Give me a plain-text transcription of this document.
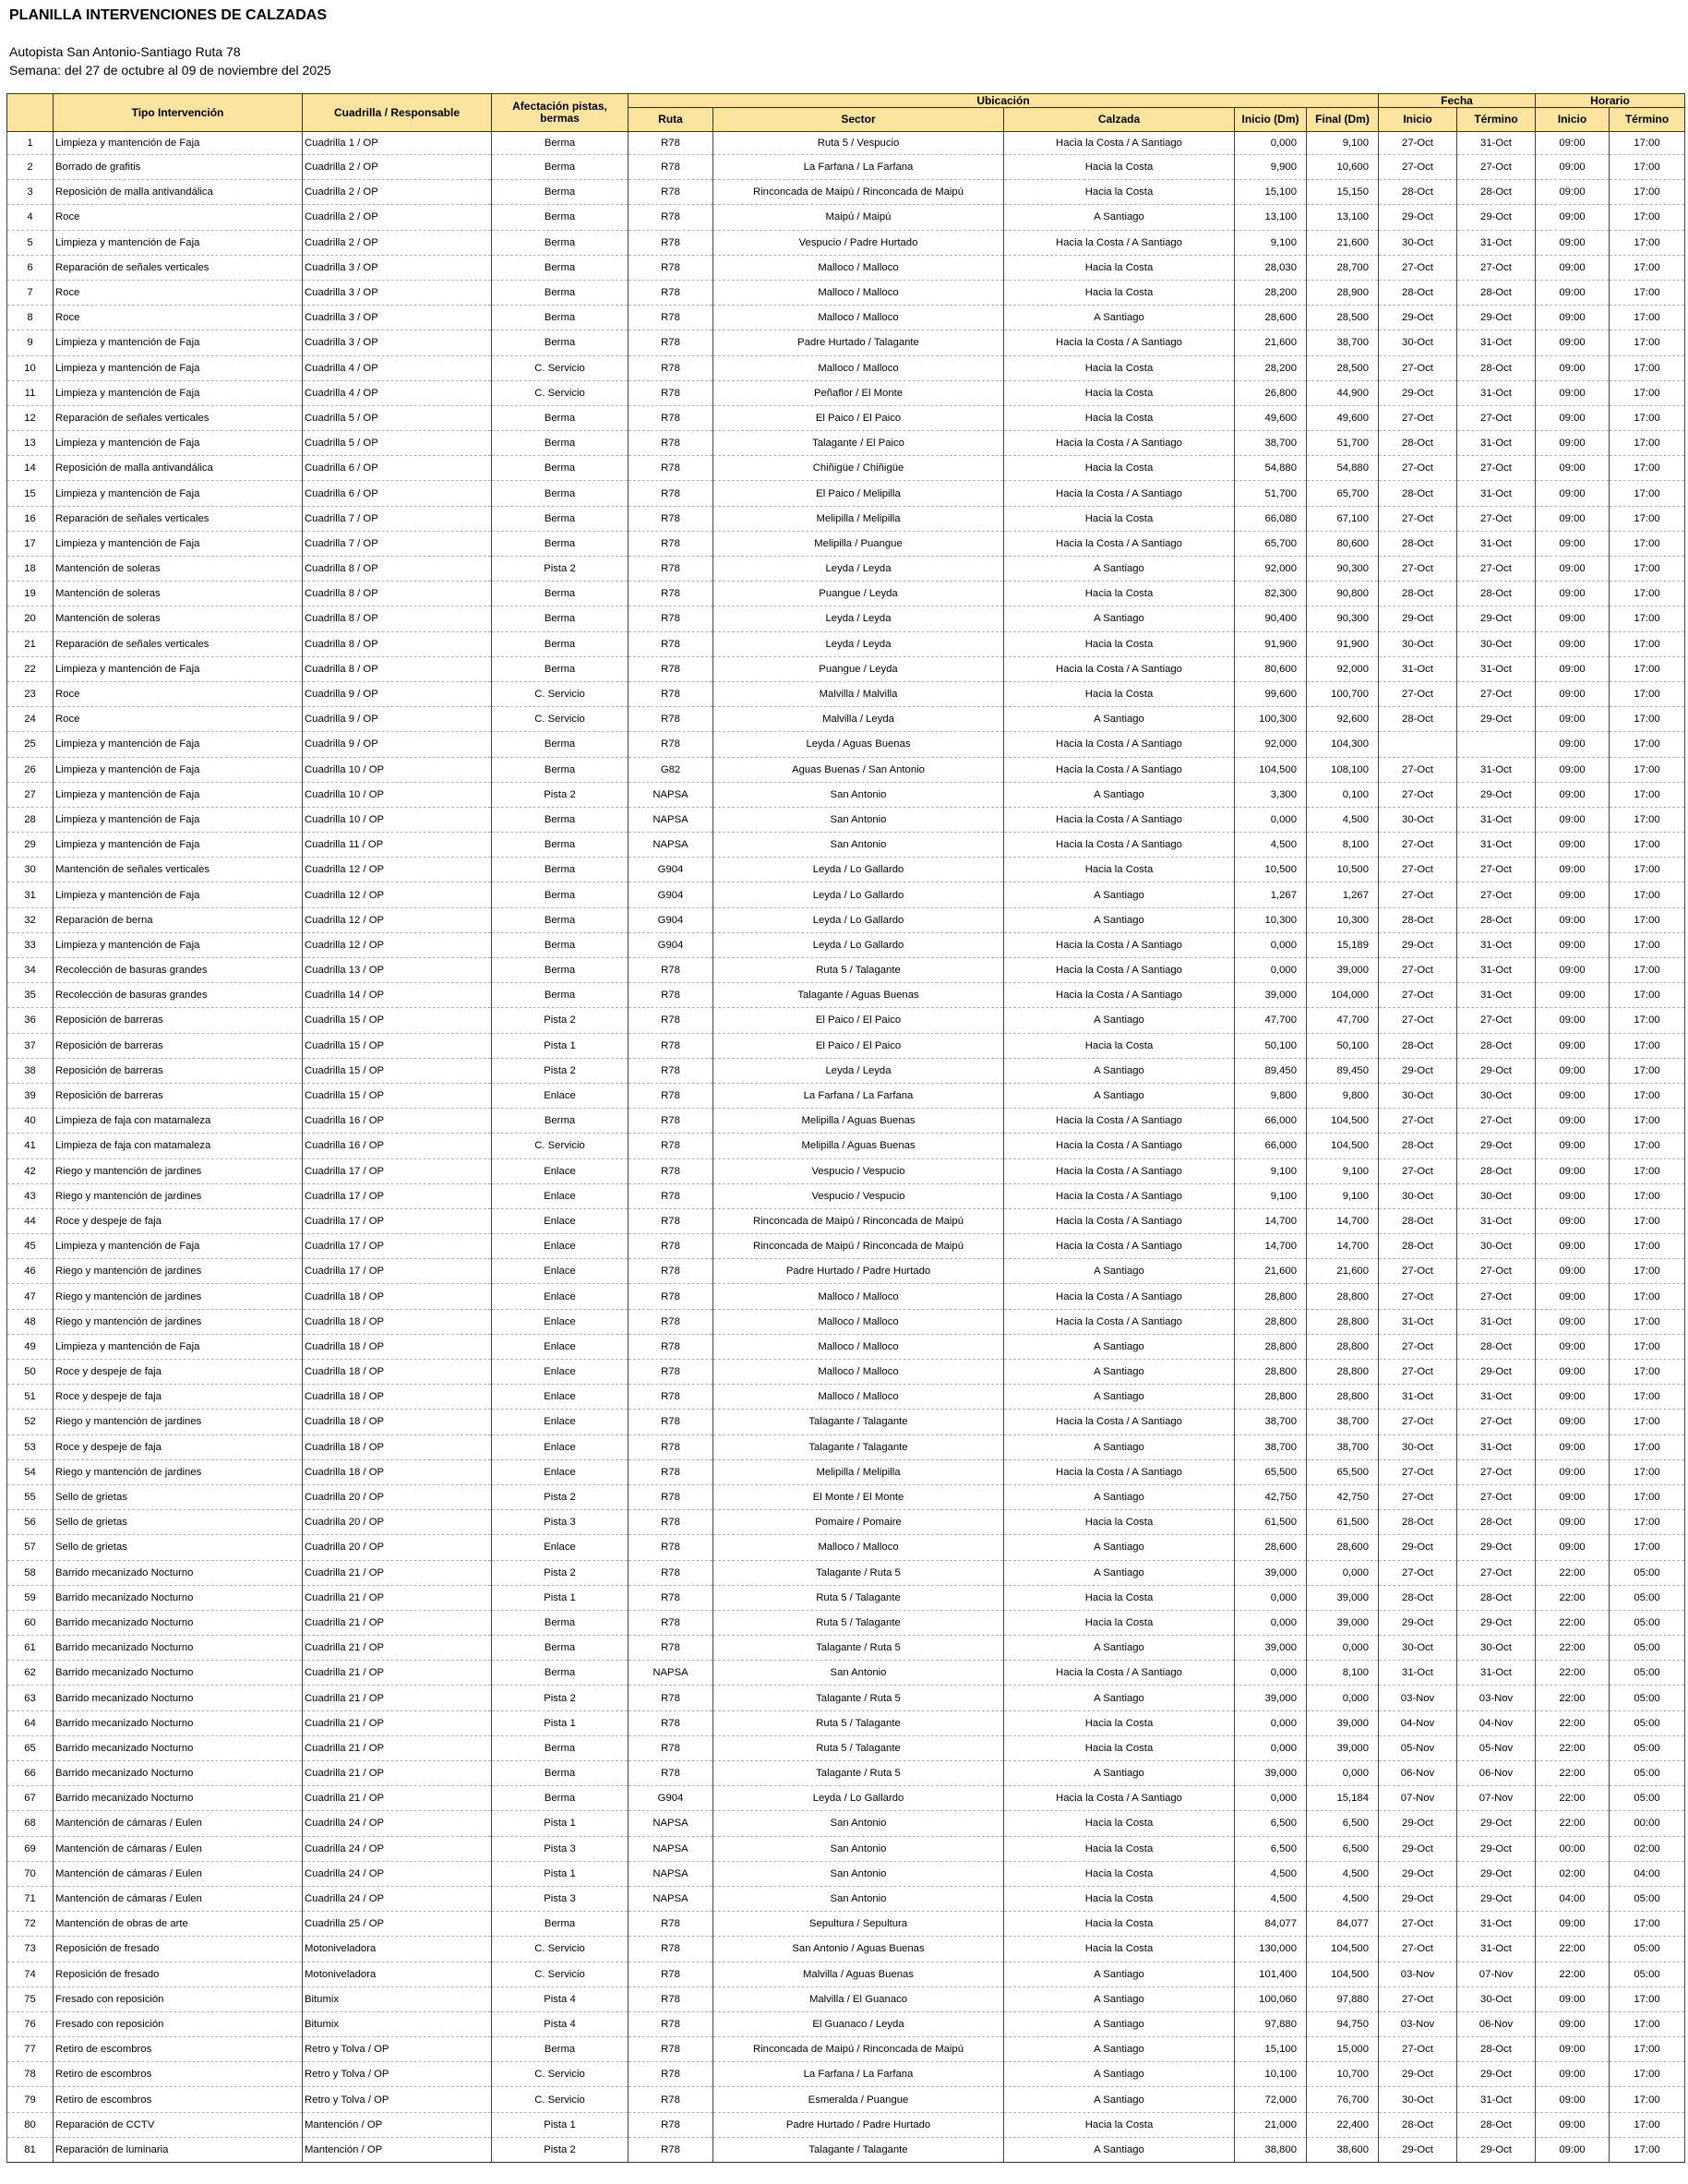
PLANILLA INTERVENCIONES DE CALZADAS
Autopista San Antonio-Santiago Ruta 78
Semana: del 27 de octubre al 09 de noviembre del 2025
	Tipo Intervención	Cuadrilla / Responsable	Afectación pistas, bermas	Ubicación					Fecha		Horario	
				Ruta	Sector	Calzada	Inicio (Dm)	Final (Dm)	Inicio	Término	Inicio	Término
1	Limpieza y mantención de Faja	Cuadrilla 1 / OP	Berma	R78	Ruta 5 / Vespucio	Hacia la Costa / A Santiago	0,000	9,100	27-Oct	31-Oct	09:00	17:00
2	Borrado de grafitis	Cuadrilla 2 / OP	Berma	R78	La Farfana / La Farfana	Hacia la Costa	9,900	10,600	27-Oct	27-Oct	09:00	17:00
3	Reposición de malla antivandálica	Cuadrilla 2 / OP	Berma	R78	Rinconcada de Maipú / Rinconcada de Maipú	Hacia la Costa	15,100	15,150	28-Oct	28-Oct	09:00	17:00
4	Roce	Cuadrilla 2 / OP	Berma	R78	Maipú / Maipú	A Santiago	13,100	13,100	29-Oct	29-Oct	09:00	17:00
5	Limpieza y mantención de Faja	Cuadrilla 2 / OP	Berma	R78	Vespucio / Padre Hurtado	Hacia la Costa / A Santiago	9,100	21,600	30-Oct	31-Oct	09:00	17:00
6	Reparación de señales verticales	Cuadrilla 3 / OP	Berma	R78	Malloco / Malloco	Hacia la Costa	28,030	28,700	27-Oct	27-Oct	09:00	17:00
7	Roce	Cuadrilla 3 / OP	Berma	R78	Malloco / Malloco	Hacia la Costa	28,200	28,900	28-Oct	28-Oct	09:00	17:00
8	Roce	Cuadrilla 3 / OP	Berma	R78	Malloco / Malloco	A Santiago	28,600	28,500	29-Oct	29-Oct	09:00	17:00
9	Limpieza y mantención de Faja	Cuadrilla 3 / OP	Berma	R78	Padre Hurtado / Talagante	Hacia la Costa / A Santiago	21,600	38,700	30-Oct	31-Oct	09:00	17:00
10	Limpieza y mantención de Faja	Cuadrilla 4 / OP	C. Servicio	R78	Malloco / Malloco	Hacia la Costa	28,200	28,500	27-Oct	28-Oct	09:00	17:00
11	Limpieza y mantención de Faja	Cuadrilla 4 / OP	C. Servicio	R78	Peñaflor / El Monte	Hacia la Costa	26,800	44,900	29-Oct	31-Oct	09:00	17:00
12	Reparación de señales verticales	Cuadrilla 5 / OP	Berma	R78	El Paico / El Paico	Hacia la Costa	49,600	49,600	27-Oct	27-Oct	09:00	17:00
13	Limpieza y mantención de Faja	Cuadrilla 5 / OP	Berma	R78	Talagante / El Paico	Hacia la Costa / A Santiago	38,700	51,700	28-Oct	31-Oct	09:00	17:00
14	Reposición de malla antivandálica	Cuadrilla 6 / OP	Berma	R78	Chiñigüe / Chiñigüe	Hacia la Costa	54,880	54,880	27-Oct	27-Oct	09:00	17:00
15	Limpieza y mantención de Faja	Cuadrilla 6 / OP	Berma	R78	El Paico / Melipilla	Hacia la Costa / A Santiago	51,700	65,700	28-Oct	31-Oct	09:00	17:00
16	Reparación de señales verticales	Cuadrilla 7 / OP	Berma	R78	Melipilla / Melipilla	Hacia la Costa	66,080	67,100	27-Oct	27-Oct	09:00	17:00
17	Limpieza y mantención de Faja	Cuadrilla 7 / OP	Berma	R78	Melipilla / Puangue	Hacia la Costa / A Santiago	65,700	80,600	28-Oct	31-Oct	09:00	17:00
18	Mantención de soleras	Cuadrilla 8 / OP	Pista 2	R78	Leyda / Leyda	A Santiago	92,000	90,300	27-Oct	27-Oct	09:00	17:00
19	Mantención de soleras	Cuadrilla 8 / OP	Berma	R78	Puangue / Leyda	Hacia la Costa	82,300	90,800	28-Oct	28-Oct	09:00	17:00
20	Mantención de soleras	Cuadrilla 8 / OP	Berma	R78	Leyda / Leyda	A Santiago	90,400	90,300	29-Oct	29-Oct	09:00	17:00
21	Reparación de señales verticales	Cuadrilla 8 / OP	Berma	R78	Leyda / Leyda	Hacia la Costa	91,900	91,900	30-Oct	30-Oct	09:00	17:00
22	Limpieza y mantención de Faja	Cuadrilla 8 / OP	Berma	R78	Puangue / Leyda	Hacia la Costa / A Santiago	80,600	92,000	31-Oct	31-Oct	09:00	17:00
23	Roce	Cuadrilla 9 / OP	C. Servicio	R78	Malvilla / Malvilla	Hacia la Costa	99,600	100,700	27-Oct	27-Oct	09:00	17:00
24	Roce	Cuadrilla 9 / OP	C. Servicio	R78	Malvilla / Leyda	A Santiago	100,300	92,600	28-Oct	29-Oct	09:00	17:00
25	Limpieza y mantención de Faja	Cuadrilla 9 / OP	Berma	R78	Leyda / Aguas Buenas	Hacia la Costa / A Santiago	92,000	104,300			09:00	17:00
26	Limpieza y mantención de Faja	Cuadrilla 10 / OP	Berma	G82	Aguas Buenas / San Antonio	Hacia la Costa / A Santiago	104,500	108,100	27-Oct	31-Oct	09:00	17:00
27	Limpieza y mantención de Faja	Cuadrilla 10 / OP	Pista 2	NAPSA	San Antonio	A Santiago	3,300	0,100	27-Oct	29-Oct	09:00	17:00
28	Limpieza y mantención de Faja	Cuadrilla 10 / OP	Berma	NAPSA	San Antonio	Hacia la Costa / A Santiago	0,000	4,500	30-Oct	31-Oct	09:00	17:00
29	Limpieza y mantención de Faja	Cuadrilla 11 / OP	Berma	NAPSA	San Antonio	Hacia la Costa / A Santiago	4,500	8,100	27-Oct	31-Oct	09:00	17:00
30	Mantención de señales verticales	Cuadrilla 12 / OP	Berma	G904	Leyda / Lo Gallardo	Hacia la Costa	10,500	10,500	27-Oct	27-Oct	09:00	17:00
31	Limpieza y mantención de Faja	Cuadrilla 12 / OP	Berma	G904	Leyda / Lo Gallardo	A Santiago	1,267	1,267	27-Oct	27-Oct	09:00	17:00
32	Reparación de berna	Cuadrilla 12 / OP	Berma	G904	Leyda / Lo Gallardo	A Santiago	10,300	10,300	28-Oct	28-Oct	09:00	17:00
33	Limpieza y mantención de Faja	Cuadrilla 12 / OP	Berma	G904	Leyda / Lo Gallardo	Hacia la Costa / A Santiago	0,000	15,189	29-Oct	31-Oct	09:00	17:00
34	Recolección de basuras grandes	Cuadrilla 13 / OP	Berma	R78	Ruta 5 / Talagante	Hacia la Costa / A Santiago	0,000	39,000	27-Oct	31-Oct	09:00	17:00
35	Recolección de basuras grandes	Cuadrilla 14 / OP	Berma	R78	Talagante / Aguas Buenas	Hacia la Costa / A Santiago	39,000	104,000	27-Oct	31-Oct	09:00	17:00
36	Reposición de barreras	Cuadrilla 15 / OP	Pista 2	R78	El Paico / El Paico	A Santiago	47,700	47,700	27-Oct	27-Oct	09:00	17:00
37	Reposición de barreras	Cuadrilla 15 / OP	Pista 1	R78	El Paico / El Paico	Hacia la Costa	50,100	50,100	28-Oct	28-Oct	09:00	17:00
38	Reposición de barreras	Cuadrilla 15 / OP	Pista 2	R78	Leyda / Leyda	A Santiago	89,450	89,450	29-Oct	29-Oct	09:00	17:00
39	Reposición de barreras	Cuadrilla 15 / OP	Enlace	R78	La Farfana / La Farfana	A Santiago	9,800	9,800	30-Oct	30-Oct	09:00	17:00
40	Limpieza de faja con matamaleza	Cuadrilla 16 / OP	Berma	R78	Melipilla / Aguas Buenas	Hacia la Costa / A Santiago	66,000	104,500	27-Oct	27-Oct	09:00	17:00
41	Limpieza de faja con matamaleza	Cuadrilla 16 / OP	C. Servicio	R78	Melipilla / Aguas Buenas	Hacia la Costa / A Santiago	66,000	104,500	28-Oct	29-Oct	09:00	17:00
42	Riego y mantención de jardines	Cuadrilla 17 / OP	Enlace	R78	Vespucio / Vespucio	Hacia la Costa / A Santiago	9,100	9,100	27-Oct	28-Oct	09:00	17:00
43	Riego y mantención de jardines	Cuadrilla 17 / OP	Enlace	R78	Vespucio / Vespucio	Hacia la Costa / A Santiago	9,100	9,100	30-Oct	30-Oct	09:00	17:00
44	Roce y despeje de faja	Cuadrilla 17 / OP	Enlace	R78	Rinconcada de Maipú / Rinconcada de Maipú	Hacia la Costa / A Santiago	14,700	14,700	28-Oct	31-Oct	09:00	17:00
45	Limpieza y mantención de Faja	Cuadrilla 17 / OP	Enlace	R78	Rinconcada de Maipú / Rinconcada de Maipú	Hacia la Costa / A Santiago	14,700	14,700	28-Oct	30-Oct	09:00	17:00
46	Riego y mantención de jardines	Cuadrilla 17 / OP	Enlace	R78	Padre Hurtado / Padre Hurtado	A Santiago	21,600	21,600	27-Oct	27-Oct	09:00	17:00
47	Riego y mantención de jardines	Cuadrilla 18 / OP	Enlace	R78	Malloco / Malloco	Hacia la Costa / A Santiago	28,800	28,800	27-Oct	27-Oct	09:00	17:00
48	Riego y mantención de jardines	Cuadrilla 18 / OP	Enlace	R78	Malloco / Malloco	Hacia la Costa / A Santiago	28,800	28,800	31-Oct	31-Oct	09:00	17:00
49	Limpieza y mantención de Faja	Cuadrilla 18 / OP	Enlace	R78	Malloco / Malloco	A Santiago	28,800	28,800	27-Oct	28-Oct	09:00	17:00
50	Roce y despeje de faja	Cuadrilla 18 / OP	Enlace	R78	Malloco / Malloco	A Santiago	28,800	28,800	27-Oct	29-Oct	09:00	17:00
51	Roce y despeje de faja	Cuadrilla 18 / OP	Enlace	R78	Malloco / Malloco	A Santiago	28,800	28,800	31-Oct	31-Oct	09:00	17:00
52	Riego y mantención de jardines	Cuadrilla 18 / OP	Enlace	R78	Talagante / Talagante	Hacia la Costa / A Santiago	38,700	38,700	27-Oct	27-Oct	09:00	17:00
53	Roce y despeje de faja	Cuadrilla 18 / OP	Enlace	R78	Talagante / Talagante	A Santiago	38,700	38,700	30-Oct	31-Oct	09:00	17:00
54	Riego y mantención de jardines	Cuadrilla 18 / OP	Enlace	R78	Melipilla / Melipilla	Hacia la Costa / A Santiago	65,500	65,500	27-Oct	27-Oct	09:00	17:00
55	Sello de grietas	Cuadrilla 20 / OP	Pista 2	R78	El Monte / El Monte	A Santiago	42,750	42,750	27-Oct	27-Oct	09:00	17:00
56	Sello de grietas	Cuadrilla 20 / OP	Pista 3	R78	Pomaire / Pomaire	Hacia la Costa	61,500	61,500	28-Oct	28-Oct	09:00	17:00
57	Sello de grietas	Cuadrilla 20 / OP	Enlace	R78	Malloco / Malloco	A Santiago	28,600	28,600	29-Oct	29-Oct	09:00	17:00
58	Barrido mecanizado Nocturno	Cuadrilla 21 / OP	Pista 2	R78	Talagante / Ruta 5	A Santiago	39,000	0,000	27-Oct	27-Oct	22:00	05:00
59	Barrido mecanizado Nocturno	Cuadrilla 21 / OP	Pista 1	R78	Ruta 5 / Talagante	Hacia la Costa	0,000	39,000	28-Oct	28-Oct	22:00	05:00
60	Barrido mecanizado Nocturno	Cuadrilla 21 / OP	Berma	R78	Ruta 5 / Talagante	Hacia la Costa	0,000	39,000	29-Oct	29-Oct	22:00	05:00
61	Barrido mecanizado Nocturno	Cuadrilla 21 / OP	Berma	R78	Talagante / Ruta 5	A Santiago	39,000	0,000	30-Oct	30-Oct	22:00	05:00
62	Barrido mecanizado Nocturno	Cuadrilla 21 / OP	Berma	NAPSA	San Antonio	Hacia la Costa / A Santiago	0,000	8,100	31-Oct	31-Oct	22:00	05:00
63	Barrido mecanizado Nocturno	Cuadrilla 21 / OP	Pista 2	R78	Talagante / Ruta 5	A Santiago	39,000	0,000	03-Nov	03-Nov	22:00	05:00
64	Barrido mecanizado Nocturno	Cuadrilla 21 / OP	Pista 1	R78	Ruta 5 / Talagante	Hacia la Costa	0,000	39,000	04-Nov	04-Nov	22:00	05:00
65	Barrido mecanizado Nocturno	Cuadrilla 21 / OP	Berma	R78	Ruta 5 / Talagante	Hacia la Costa	0,000	39,000	05-Nov	05-Nov	22:00	05:00
66	Barrido mecanizado Nocturno	Cuadrilla 21 / OP	Berma	R78	Talagante / Ruta 5	A Santiago	39,000	0,000	06-Nov	06-Nov	22:00	05:00
67	Barrido mecanizado Nocturno	Cuadrilla 21 / OP	Berma	G904	Leyda / Lo Gallardo	Hacia la Costa / A Santiago	0,000	15,184	07-Nov	07-Nov	22:00	05:00
68	Mantención de cámaras / Eulen	Cuadrilla 24 / OP	Pista 1	NAPSA	San Antonio	Hacia la Costa	6,500	6,500	29-Oct	29-Oct	22:00	00:00
69	Mantención de cámaras / Eulen	Cuadrilla 24 / OP	Pista 3	NAPSA	San Antonio	Hacia la Costa	6,500	6,500	29-Oct	29-Oct	00:00	02:00
70	Mantención de cámaras / Eulen	Cuadrilla 24 / OP	Pista 1	NAPSA	San Antonio	Hacia la Costa	4,500	4,500	29-Oct	29-Oct	02:00	04:00
71	Mantención de cámaras / Eulen	Cuadrilla 24 / OP	Pista 3	NAPSA	San Antonio	Hacia la Costa	4,500	4,500	29-Oct	29-Oct	04:00	05:00
72	Mantención de obras de arte	Cuadrilla 25 / OP	Berma	R78	Sepultura / Sepultura	Hacia la Costa	84,077	84,077	27-Oct	31-Oct	09:00	17:00
73	Reposición de fresado	Motoniveladora	C. Servicio	R78	San Antonio / Aguas Buenas	Hacia la Costa	130,000	104,500	27-Oct	31-Oct	22:00	05:00
74	Reposición de fresado	Motoniveladora	C. Servicio	R78	Malvilla / Aguas Buenas	A Santiago	101,400	104,500	03-Nov	07-Nov	22:00	05:00
75	Fresado con reposición	Bitumix	Pista 4	R78	Malvilla / El Guanaco	A Santiago	100,060	97,880	27-Oct	30-Oct	09:00	17:00
76	Fresado con reposición	Bitumix	Pista 4	R78	El Guanaco / Leyda	A Santiago	97,880	94,750	03-Nov	06-Nov	09:00	17:00
77	Retiro de escombros	Retro y Tolva / OP	Berma	R78	Rinconcada de Maipú / Rinconcada de Maipú	A Santiago	15,100	15,000	27-Oct	28-Oct	09:00	17:00
78	Retiro de escombros	Retro y Tolva / OP	C. Servicio	R78	La Farfana / La Farfana	A Santiago	10,100	10,700	29-Oct	29-Oct	09:00	17:00
79	Retiro de escombros	Retro y Tolva / OP	C. Servicio	R78	Esmeralda / Puangue	A Santiago	72,000	76,700	30-Oct	31-Oct	09:00	17:00
80	Reparación de CCTV	Mantención / OP	Pista 1	R78	Padre Hurtado / Padre Hurtado	Hacia la Costa	21,000	22,400	28-Oct	28-Oct	09:00	17:00
81	Reparación de luminaria	Mantención / OP	Pista 2	R78	Talagante / Talagante	A Santiago	38,800	38,600	29-Oct	29-Oct	09:00	17:00
